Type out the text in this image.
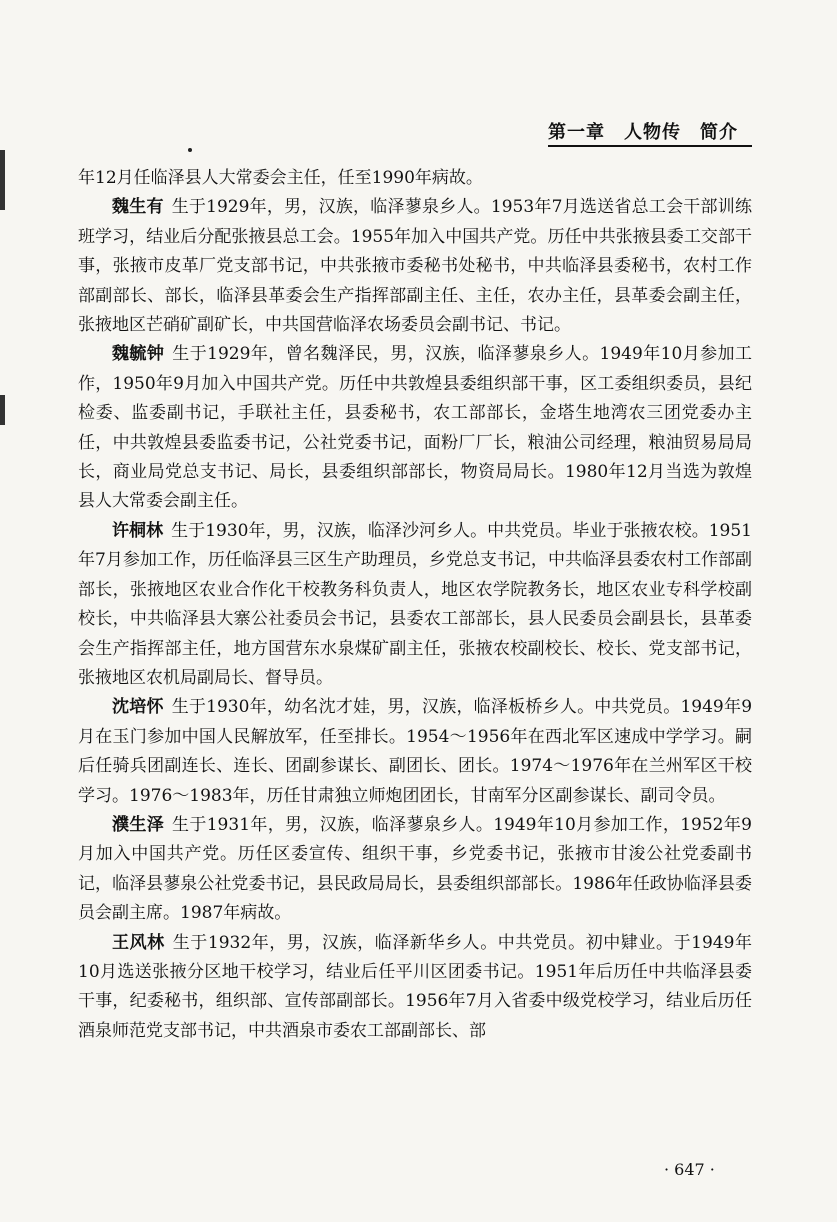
第一章　人物传　简介

年12月任临泽县人大常委会主任，任至1990年病故。

魏生有 生于1929年，男，汉族，临泽蓼泉乡人。1953年7月选送省总工会干部训练班学习，结业后分配张掖县总工会。1955年加入中国共产党。历任中共张掖县委工交部干事，张掖市皮革厂党支部书记，中共张掖市委秘书处秘书，中共临泽县委秘书，农村工作部副部长、部长，临泽县革委会生产指挥部副主任、主任，农办主任，县革委会副主任，张掖地区芒硝矿副矿长，中共国营临泽农场委员会副书记、书记。

魏毓钟 生于1929年，曾名魏泽民，男，汉族，临泽蓼泉乡人。1949年10月参加工作，1950年9月加入中国共产党。历任中共敦煌县委组织部干事，区工委组织委员，县纪检委、监委副书记，手联社主任，县委秘书，农工部部长，金塔生地湾农三团党委办主任，中共敦煌县委监委书记，公社党委书记，面粉厂厂长，粮油公司经理，粮油贸易局局长，商业局党总支书记、局长，县委组织部部长，物资局局长。1980年12月当选为敦煌县人大常委会副主任。

许桐林 生于1930年，男，汉族，临泽沙河乡人。中共党员。毕业于张掖农校。1951年7月参加工作，历任临泽县三区生产助理员，乡党总支书记，中共临泽县委农村工作部副部长，张掖地区农业合作化干校教务科负责人，地区农学院教务长，地区农业专科学校副校长，中共临泽县大寨公社委员会书记，县委农工部部长，县人民委员会副县长，县革委会生产指挥部主任，地方国营东水泉煤矿副主任，张掖农校副校长、校长、党支部书记，张掖地区农机局副局长、督导员。

沈培怀 生于1930年，幼名沈才娃，男，汉族，临泽板桥乡人。中共党员。1949年9月在玉门参加中国人民解放军，任至排长。1954～1956年在西北军区速成中学学习。嗣后任骑兵团副连长、连长、团副参谋长、副团长、团长。1974～1976年在兰州军区干校学习。1976～1983年，历任甘肃独立师炮团团长，甘南军分区副参谋长、副司令员。

濮生泽 生于1931年，男，汉族，临泽蓼泉乡人。1949年10月参加工作，1952年9月加入中国共产党。历任区委宣传、组织干事，乡党委书记，张掖市甘浚公社党委副书记，临泽县蓼泉公社党委书记，县民政局局长，县委组织部部长。1986年任政协临泽县委员会副主席。1987年病故。

王风林 生于1932年，男，汉族，临泽新华乡人。中共党员。初中肄业。于1949年10月选送张掖分区地干校学习，结业后任平川区团委书记。1951年后历任中共临泽县委干事，纪委秘书，组织部、宣传部副部长。1956年7月入省委中级党校学习，结业后历任酒泉师范党支部书记，中共酒泉市委农工部副部长、部

· 647 ·
